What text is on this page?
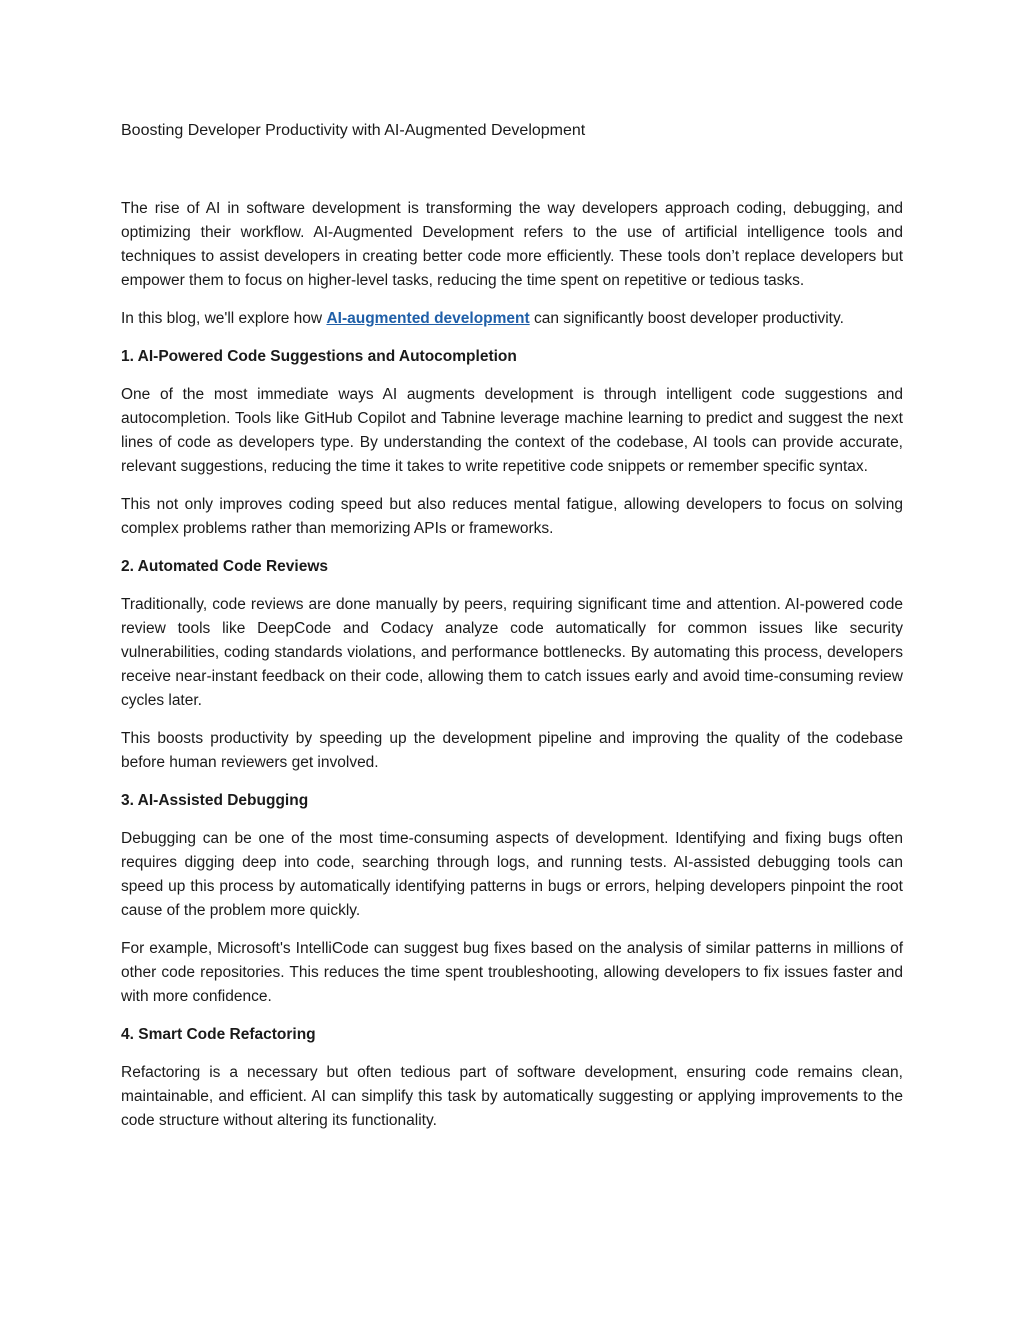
Boosting Developer Productivity with AI-Augmented Development

The rise of AI in software development is transforming the way developers approach coding, debugging, and optimizing their workflow. AI-Augmented Development refers to the use of artificial intelligence tools and techniques to assist developers in creating better code more efficiently. These tools don’t replace developers but empower them to focus on higher-level tasks, reducing the time spent on repetitive or tedious tasks.

In this blog, we'll explore how AI-augmented development can significantly boost developer productivity.

1. AI-Powered Code Suggestions and Autocompletion

One of the most immediate ways AI augments development is through intelligent code suggestions and autocompletion. Tools like GitHub Copilot and Tabnine leverage machine learning to predict and suggest the next lines of code as developers type. By understanding the context of the codebase, AI tools can provide accurate, relevant suggestions, reducing the time it takes to write repetitive code snippets or remember specific syntax.

This not only improves coding speed but also reduces mental fatigue, allowing developers to focus on solving complex problems rather than memorizing APIs or frameworks.

2. Automated Code Reviews

Traditionally, code reviews are done manually by peers, requiring significant time and attention. AI-powered code review tools like DeepCode and Codacy analyze code automatically for common issues like security vulnerabilities, coding standards violations, and performance bottlenecks. By automating this process, developers receive near-instant feedback on their code, allowing them to catch issues early and avoid time-consuming review cycles later.

This boosts productivity by speeding up the development pipeline and improving the quality of the codebase before human reviewers get involved.

3. AI-Assisted Debugging

Debugging can be one of the most time-consuming aspects of development. Identifying and fixing bugs often requires digging deep into code, searching through logs, and running tests. AI-assisted debugging tools can speed up this process by automatically identifying patterns in bugs or errors, helping developers pinpoint the root cause of the problem more quickly.

For example, Microsoft's IntelliCode can suggest bug fixes based on the analysis of similar patterns in millions of other code repositories. This reduces the time spent troubleshooting, allowing developers to fix issues faster and with more confidence.

4. Smart Code Refactoring

Refactoring is a necessary but often tedious part of software development, ensuring code remains clean, maintainable, and efficient. AI can simplify this task by automatically suggesting or applying improvements to the code structure without altering its functionality.
